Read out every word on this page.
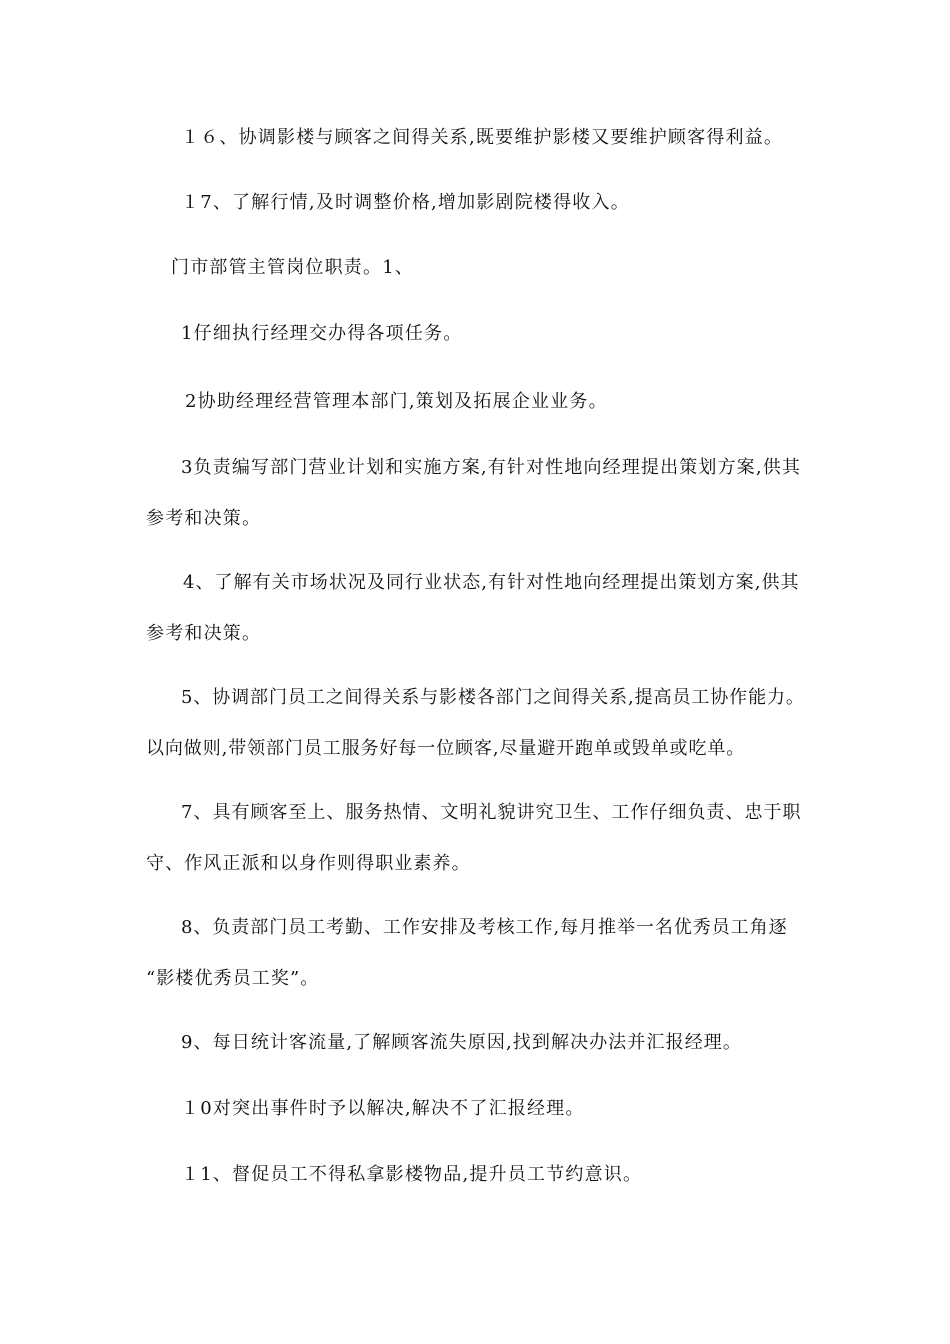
１６、协调影楼与顾客之间得关系,既要维护影楼又要维护顾客得利益。
１7、了解行情,及时调整价格,增加影剧院楼得收入。
门市部管主管岗位职责。1、
1仔细执行经理交办得各项任务。
2协助经理经营管理本部门,策划及拓展企业业务。
3负责编写部门营业计划和实施方案,有针对性地向经理提出策划方案,供其
参考和决策。
4、了解有关市场状况及同行业状态,有针对性地向经理提出策划方案,供其
参考和决策。
5、协调部门员工之间得关系与影楼各部门之间得关系,提高员工协作能力。
以向做则,带领部门员工服务好每一位顾客,尽量避开跑单或毁单或吃单。
7、具有顾客至上、服务热情、文明礼貌讲究卫生、工作仔细负责、忠于职
守、作风正派和以身作则得职业素养。
8、负责部门员工考勤、工作安排及考核工作,每月推举一名优秀员工角逐
“影楼优秀员工奖”。
9、每日统计客流量,了解顾客流失原因,找到解决办法并汇报经理。
１0对突出事件时予以解决,解决不了汇报经理。
１1、督促员工不得私拿影楼物品,提升员工节约意识。
